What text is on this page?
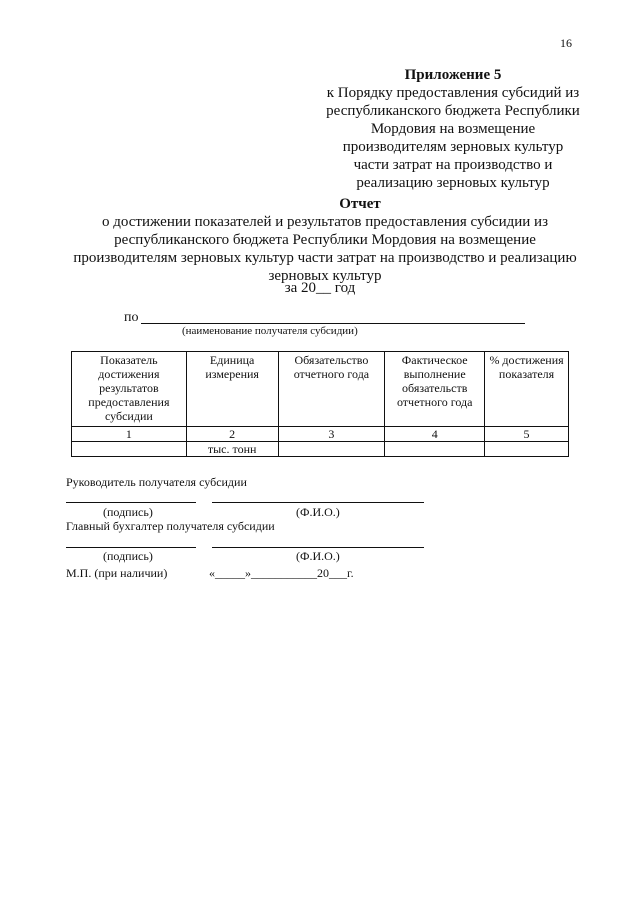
16
Приложение 5
к Порядку предоставления субсидий из
республиканского бюджета Республики
Мордовия на возмещение
производителям зерновых культур
части затрат на производство и
реализацию зерновых культур
Отчет
о достижении показателей и результатов предоставления субсидии из
республиканского бюджета Республики Мордовия на возмещение
производителям зерновых культур части затрат на производство и реализацию
зерновых культур
за 20__ год
по
(наименование получателя субсидии)
Показатель достижения результатов предоставления субсидии	Единица измерения	Обязательство отчетного года	Фактическое выполнение обязательств отчетного года	% достижения показателя
1	2	3	4	5
	тыс. тонн			
Руководитель получателя субсидии
(подпись)	(Ф.И.О.)
Главный бухгалтер получателя субсидии
(подпись)	(Ф.И.О.)
М.П. (при наличии)	«_____»___________20___г.
